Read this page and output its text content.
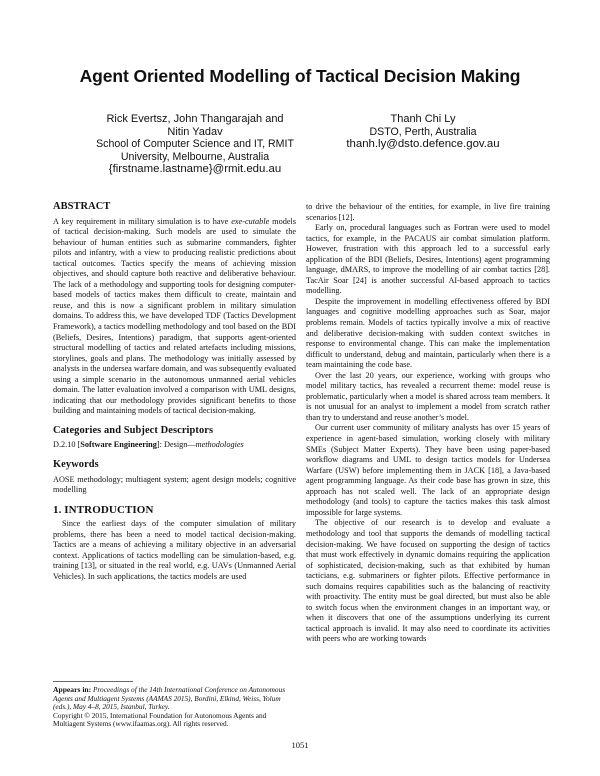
Agent Oriented Modelling of Tactical Decision Making
Rick Evertsz, John Thangarajah and
Nitin Yadav
School of Computer Science and IT, RMIT
University, Melbourne, Australia
{firstname.lastname}@rmit.edu.au
Thanh Chi Ly
DSTO, Perth, Australia
thanh.ly@dsto.defence.gov.au
ABSTRACT

A key requirement in military simulation is to have exe-cutable models of tactical decision-making. Such models are used to simulate the behaviour of human entities such as submarine commanders, fighter pilots and infantry, with a view to producing realistic predictions about tactical outcomes. Tactics specify the means of achieving mission objectives, and should capture both reactive and deliberative behaviour. The lack of a methodology and supporting tools for designing computer-based models of tactics makes them difficult to create, maintain and reuse, and this is now a significant problem in military simulation domains. To address this, we have developed TDF (Tactics Development Framework), a tactics modelling methodology and tool based on the BDI (Beliefs, Desires, Intentions) paradigm, that supports agent-oriented structural modelling of tactics and related artefacts including missions, storylines, goals and plans. The methodology was initially assessed by analysts in the undersea warfare domain, and was subsequently evaluated using a simple scenario in the autonomous unmanned aerial vehicles domain. The latter evaluation involved a comparison with UML designs, indicating that our methodology provides significant benefits to those building and maintaining models of tactical decision-making.

Categories and Subject Descriptors

D.2.10 [Software Engineering]: Design—methodologies

Keywords

AOSE methodology; multiagent system; agent design models; cognitive modelling

1. INTRODUCTION

Since the earliest days of the computer simulation of military problems, there has been a need to model tactical decision-making. Tactics are a means of achieving a military objective in an adversarial context. Applications of tactics modelling can be simulation-based, e.g. training [13], or situated in the real world, e.g. UAVs (Unmanned Aerial Vehicles). In such applications, the tactics models are used

Appears in: Proceedings of the 14th International Conference on Autonomous Agents and Multiagent Systems (AAMAS 2015), Bordini, Elkind, Weiss, Yolum (eds.), May 4–8, 2015, Istanbul, Turkey.
Copyright © 2015, International Foundation for Autonomous Agents and Multiagent Systems (www.ifaamas.org). All rights reserved.

to drive the behaviour of the entities, for example, in live fire training scenarios [12].

Early on, procedural languages such as Fortran were used to model tactics, for example, in the PACAUS air combat simulation platform. However, frustration with this approach led to a successful early application of the BDI (Beliefs, Desires, Intentions) agent programming language, dMARS, to improve the modelling of air combat tactics [28]. TacAir Soar [24] is another successful AI-based approach to tactics modelling.

Despite the improvement in modelling effectiveness offered by BDI languages and cognitive modelling approaches such as Soar, major problems remain. Models of tactics typically involve a mix of reactive and deliberative decision-making with sudden context switches in response to environmental change. This can make the implementation difficult to understand, debug and maintain, particularly when there is a team maintaining the code base.

Over the last 20 years, our experience, working with groups who model military tactics, has revealed a recurrent theme: model reuse is problematic, particularly when a model is shared across team members. It is not unusual for an analyst to implement a model from scratch rather than try to understand and reuse another’s model.

Our current user community of military analysts has over 15 years of experience in agent-based simulation, working closely with military SMEs (Subject Matter Experts). They have been using paper-based workflow diagrams and UML to design tactics models for Undersea Warfare (USW) before implementing them in JACK [18], a Java-based agent programming language. As their code base has grown in size, this approach has not scaled well. The lack of an appropriate design methodology (and tools) to capture the tactics makes this task almost impossible for large systems.

The objective of our research is to develop and evaluate a methodology and tool that supports the demands of modelling tactical decision-making. We have focused on supporting the design of tactics that must work effectively in dynamic domains requiring the application of sophisticated, decision-making, such as that exhibited by human tacticians, e.g. submariners or fighter pilots. Effective performance in such domains requires capabilities such as the balancing of reactivity with proactivity. The entity must be goal directed, but must also be able to switch focus when the environment changes in an important way, or when it discovers that one of the assumptions underlying its current tactical approach is invalid. It may also need to coordinate its activities with peers who are working towards

1051
